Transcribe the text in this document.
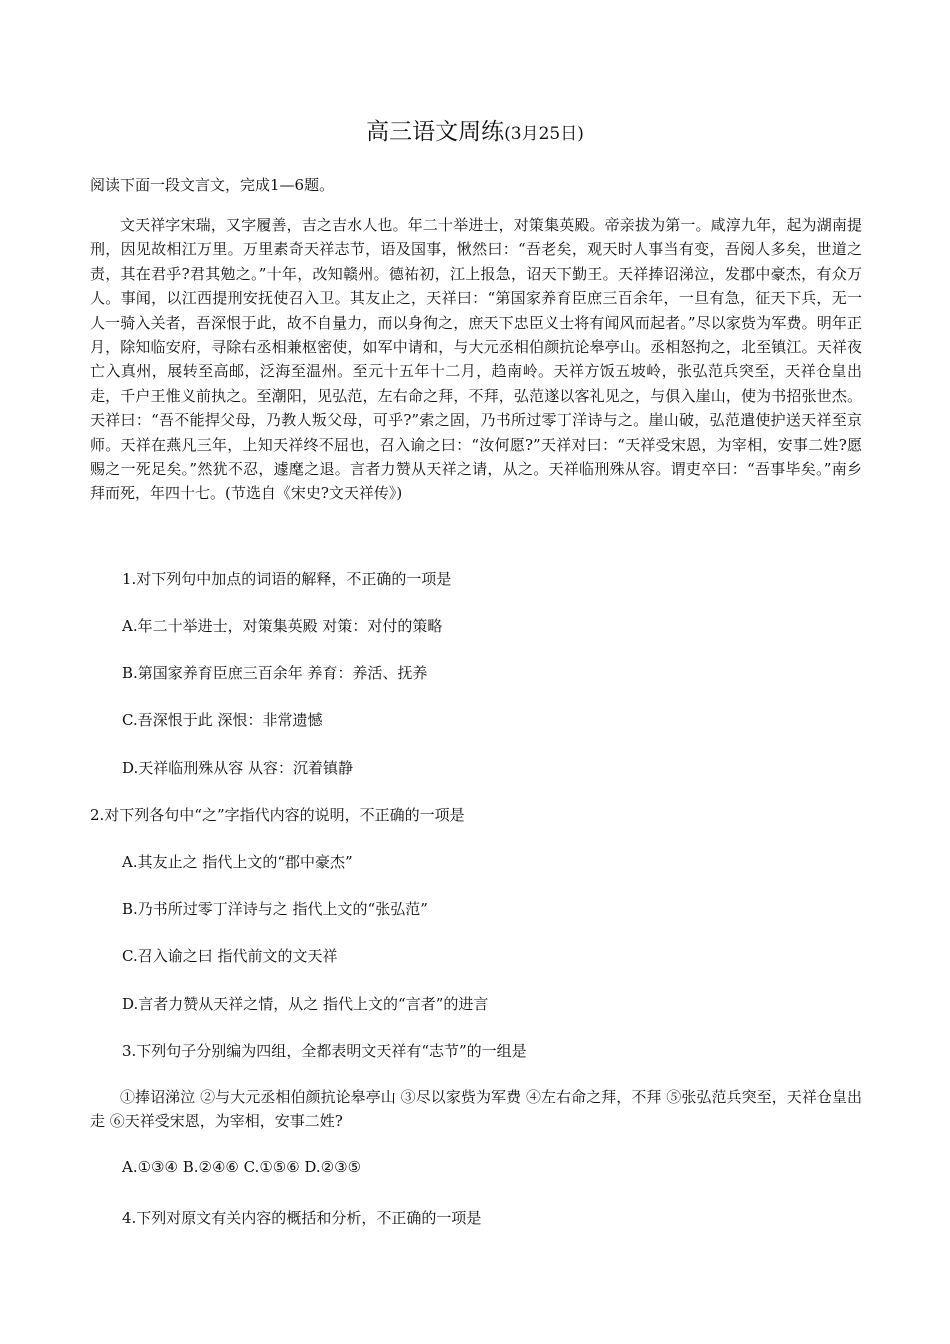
高三语文周练(3月25日)
阅读下面一段文言文，完成1—6题。

文天祥字宋瑞，又字履善，吉之吉水人也。年二十举进士，对策集英殿。帝亲拔为第一。咸淳九年，起为湖南提刑，因见故相江万里。万里素奇天祥志节，语及国事，愀然曰：“吾老矣，观天时人事当有变，吾阅人多矣，世道之责，其在君乎?君其勉之。”十年，改知赣州。德祐初，江上报急，诏天下勤王。天祥捧诏涕泣，发郡中豪杰，有众万人。事闻，以江西提刑安抚使召入卫。其友止之，天祥曰：“第国家养育臣庶三百余年，一旦有急，征天下兵，无一人一骑入关者，吾深恨于此，故不自量力，而以身徇之，庶天下忠臣义士将有闻风而起者。”尽以家赀为军费。明年正月，除知临安府，寻除右丞相兼枢密使，如军中请和，与大元丞相伯颜抗论皋亭山。丞相怒拘之，北至镇江。天祥夜亡入真州，展转至高邮，泛海至温州。至元十五年十二月，趋南岭。天祥方饭五坡岭，张弘范兵突至，天祥仓皇出走，千户王惟义前执之。至潮阳，见弘范，左右命之拜，不拜，弘范遂以客礼见之，与俱入崖山，使为书招张世杰。天祥曰：“吾不能捍父母，乃教人叛父母，可乎?”索之固，乃书所过零丁洋诗与之。崖山破，弘范遣使护送天祥至京师。天祥在燕凡三年，上知天祥终不屈也，召入谕之曰：“汝何愿?”天祥对曰：“天祥受宋恩，为宰相，安事二姓?愿赐之一死足矣。”然犹不忍，遽麾之退。言者力赞从天祥之请，从之。天祥临刑殊从容。谓吏卒曰：“吾事毕矣。”南乡拜而死，年四十七。(节选自《宋史?文天祥传》)

1.对下列句中加点的词语的解释，不正确的一项是
A.年二十举进士，对策集英殿 对策：对付的策略
B.第国家养育臣庶三百余年 养育：养活、抚养
C.吾深恨于此 深恨：非常遗憾
D.天祥临刑殊从容 从容：沉着镇静
2.对下列各句中“之”字指代内容的说明，不正确的一项是
A.其友止之 指代上文的“郡中豪杰”
B.乃书所过零丁洋诗与之 指代上文的“张弘范”
C.召入谕之曰 指代前文的文天祥
D.言者力赞从天祥之情，从之 指代上文的“言者”的进言
3.下列句子分别编为四组，全都表明文天祥有“志节”的一组是

①捧诏涕泣 ②与大元丞相伯颜抗论皋亭山 ③尽以家赀为军费 ④左右命之拜，不拜 ⑤张弘范兵突至，天祥仓皇出走 ⑥天祥受宋恩，为宰相，安事二姓?

A.①③④ B.②④⑥ C.①⑤⑥ D.②③⑤
4.下列对原文有关内容的概括和分析，不正确的一项是
